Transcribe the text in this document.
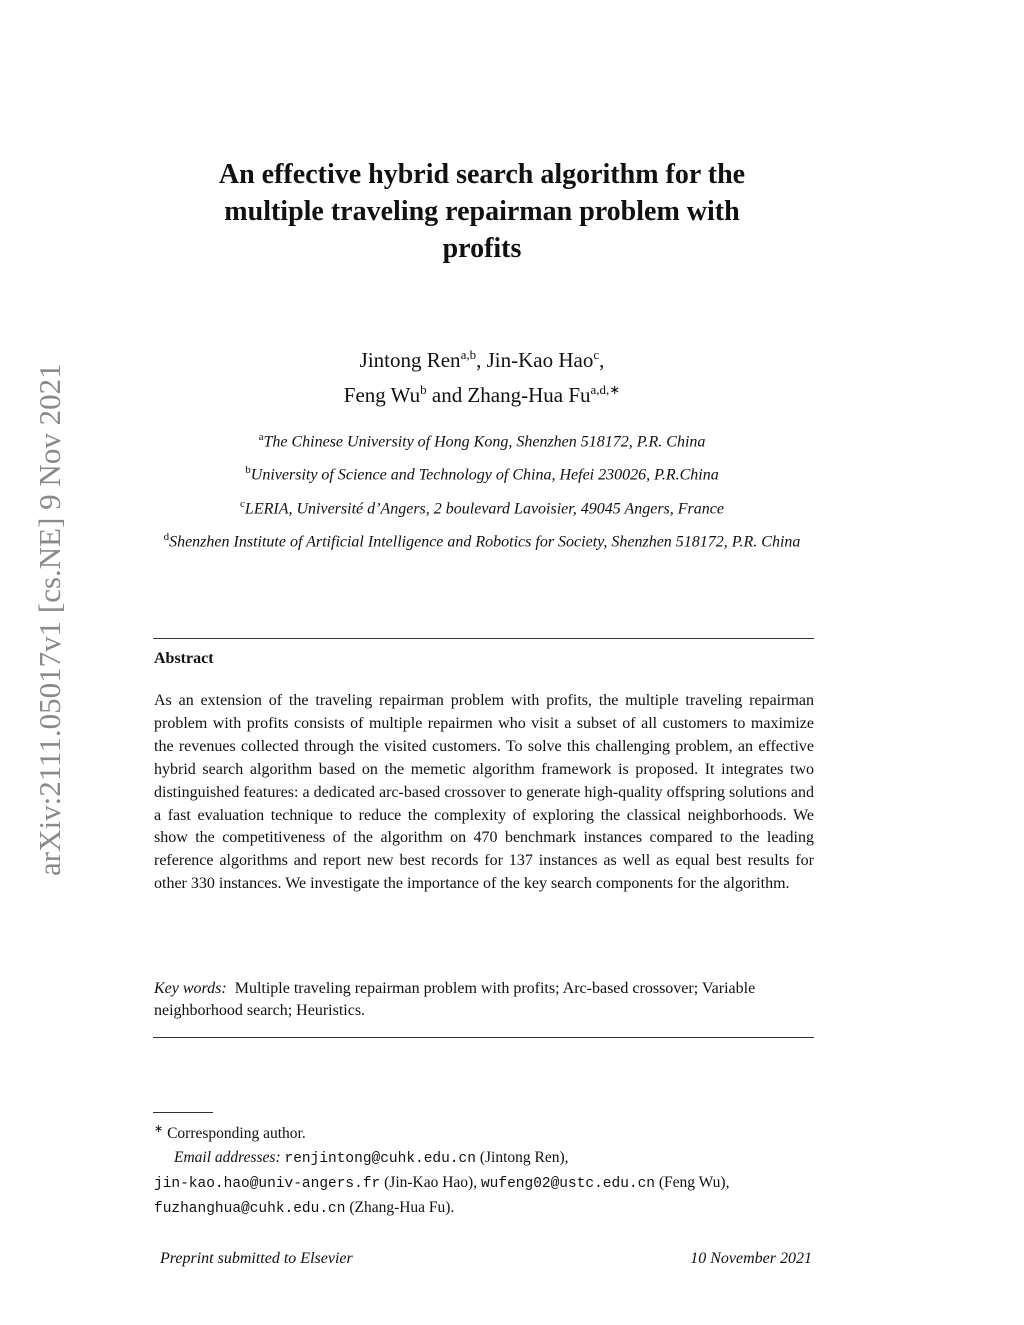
arXiv:2111.05017v1 [cs.NE] 9 Nov 2021
An effective hybrid search algorithm for the
multiple traveling repairman problem with
profits
Jintong Ren$^{a,b}$, Jin-Kao Hao$^c$,
Feng Wu$^b$ and Zhang-Hua $Fu^{a,d,∗}$
$^a$The Chinese University of Hong Kong, Shenzhen 518172, P.R. China
$^b$University of Science and Technology of China, Hefei 230026, P.R.China
$^c$LERIA, Université d’Angers, 2 boulevard Lavoisier, 49045 Angers, France
$^d$Shenzhen Institute of Artificial Intelligence and Robotics for Society, Shenzhen 518172, P.R. China
Abstract
As an extension of the traveling repairman problem with profits, the multiple traveling repairman problem with profits consists of multiple repairmen who visit a subset of all customers to maximize the revenues collected through the visited customers. To solve this challenging problem, an effective hybrid search algorithm based on the memetic algorithm framework is proposed. It integrates two distinguished features: a dedicated arc-based crossover to generate high-quality offspring solutions and a fast evaluation technique to reduce the complexity of exploring the classical neighborhoods. We show the competitiveness of the algorithm on 470 benchmark instances compared to the leading reference algorithms and report new best records for 137 instances as well as equal best results for other 330 instances. We investigate the importance of the key search components for the algorithm.
Key words: Multiple traveling repairman problem with profits; Arc-based crossover; Variable neighborhood search; Heuristics.
∗ Corresponding author.
Email addresses: renjintong@cuhk.edu.cn (Jintong Ren),
jin-kao.hao@univ-angers.fr (Jin-Kao Hao), wufeng02@ustc.edu.cn (Feng Wu), fuzhanghua@cuhk.edu.cn (Zhang-Hua Fu).
Preprint submitted to Elsevier	10 November 2021
